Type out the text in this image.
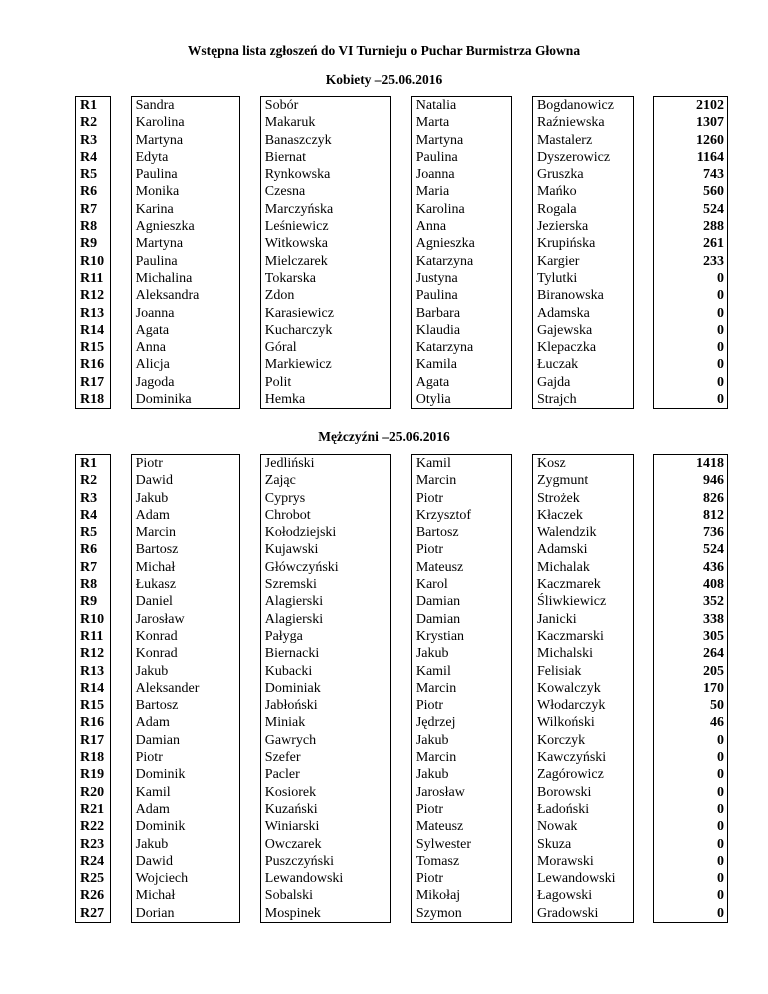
Wstępna lista zgłoszeń do VI Turnieju o Puchar Burmistrza Głowna
Kobiety –25.06.2016
R1		Sandra		Sobór		Natalia		Bogdanowicz		2102
R2		Karolina		Makaruk		Marta		Raźniewska		1307
R3		Martyna		Banaszczyk		Martyna		Mastalerz		1260
R4		Edyta		Biernat		Paulina		Dyszerowicz		1164
R5		Paulina		Rynkowska		Joanna		Gruszka		743
R6		Monika		Czesna		Maria		Mańko		560
R7		Karina		Marczyńska		Karolina		Rogala		524
R8		Agnieszka		Leśniewicz		Anna		Jezierska		288
R9		Martyna		Witkowska		Agnieszka		Krupińska		261
R10		Paulina		Mielczarek		Katarzyna		Kargier		233
R11		Michalina		Tokarska		Justyna		Tylutki		0
R12		Aleksandra		Zdon		Paulina		Biranowska		0
R13		Joanna		Karasiewicz		Barbara		Adamska		0
R14		Agata		Kucharczyk		Klaudia		Gajewska		0
R15		Anna		Góral		Katarzyna		Klepaczka		0
R16		Alicja		Markiewicz		Kamila		Łuczak		0
R17		Jagoda		Polit		Agata		Gajda		0
R18		Dominika		Hemka		Otylia		Strajch		0
Mężczyźni –25.06.2016
R1		Piotr		Jedliński		Kamil		Kosz		1418
R2		Dawid		Zając		Marcin		Zygmunt		946
R3		Jakub		Cyprys		Piotr		Strożek		826
R4		Adam		Chrobot		Krzysztof		Kłaczek		812
R5		Marcin		Kołodziejski		Bartosz		Walendzik		736
R6		Bartosz		Kujawski		Piotr		Adamski		524
R7		Michał		Główczyński		Mateusz		Michalak		436
R8		Łukasz		Szremski		Karol		Kaczmarek		408
R9		Daniel		Alagierski		Damian		Śliwkiewicz		352
R10		Jarosław		Alagierski		Damian		Janicki		338
R11		Konrad		Pałyga		Krystian		Kaczmarski		305
R12		Konrad		Biernacki		Jakub		Michalski		264
R13		Jakub		Kubacki		Kamil		Felisiak		205
R14		Aleksander		Dominiak		Marcin		Kowalczyk		170
R15		Bartosz		Jabłoński		Piotr		Włodarczyk		50
R16		Adam		Miniak		Jędrzej		Wilkoński		46
R17		Damian		Gawrych		Jakub		Korczyk		0
R18		Piotr		Szefer		Marcin		Kawczyński		0
R19		Dominik		Pacler		Jakub		Zagórowicz		0
R20		Kamil		Kosiorek		Jarosław		Borowski		0
R21		Adam		Kuzański		Piotr		Ładoński		0
R22		Dominik		Winiarski		Mateusz		Nowak		0
R23		Jakub		Owczarek		Sylwester		Skuza		0
R24		Dawid		Puszczyński		Tomasz		Morawski		0
R25		Wojciech		Lewandowski		Piotr		Lewandowski		0
R26		Michał		Sobalski		Mikołaj		Łagowski		0
R27		Dorian		Mospinek		Szymon		Gradowski		0
